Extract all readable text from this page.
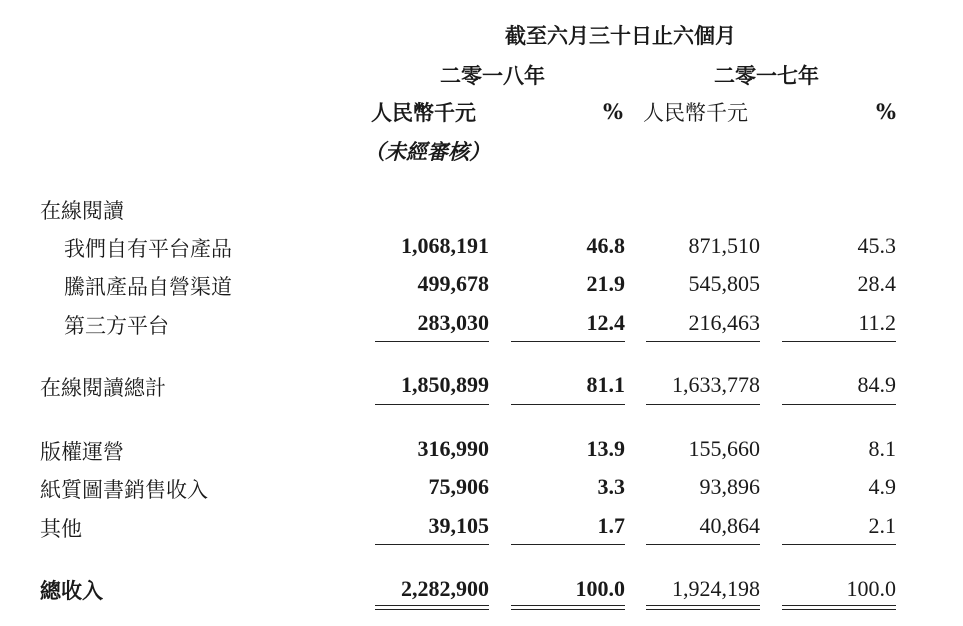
截至六月三十日止六個月
二零一八年	二零一七年
人民幣千元	% 人民幣千元	%
（未經審核）
在線閱讀
我們自有平台產品	1,068,191	46.8	871,510	45.3
騰訊產品自營渠道	499,678	21.9	545,805	28.4
第三方平台	283,030	12.4	216,463	11.2
在線閱讀總計	1,850,899	81.1 1,633,778	84.9
版權運營	316,990	13.9	155,660	8.1
紙質圖書銷售收入	75,906	3.3	93,896	4.9
其他	39,105	1.7	40,864	2.1
總收入	2,282,900	100.0 1,924,198	100.0
